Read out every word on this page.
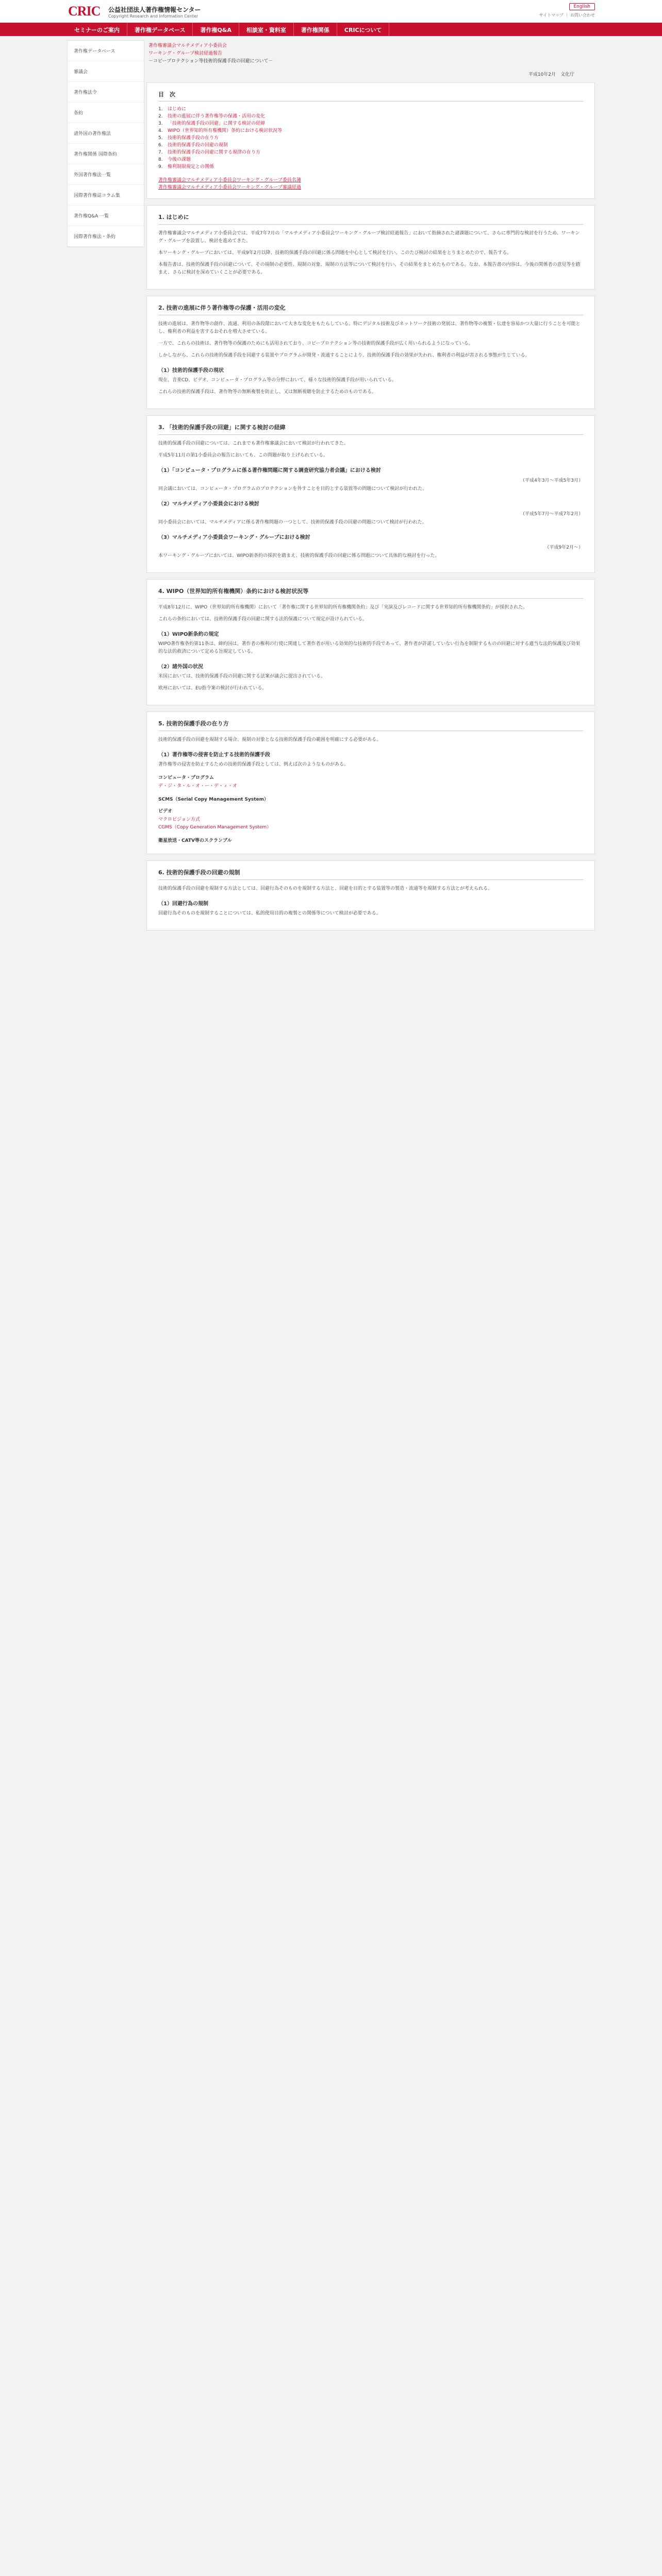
CRIC 公益社団法人著作権情報センター
Copyright Research and Information Center
English
サイトマップ ｜ お問い合わせ
セミナーのご案内	著作権データベース	著作権Q&A	相談室・資料室	著作権関係	CRICについて
著作権データベース
審議会
著作権法令
条約
諸外国の著作権法
著作権関係 国際条約
外国著作権法一覧
国際著作権誌コラム集
著作権Q&A 一覧
国際著作権法・条約
著作権審議会マルチメディア小委員会
ワーキング・グループ検討経過報告
－コピープロテクション等技術的保護手段の回避について－
平成10年2月　文化庁
目　次
1. はじめに
2. 技術の進展に伴う著作権等の保護・活用の変化
3. 「技術的保護手段の回避」に関する検討の経緯
4. WIPO（世界知的所有権機関）条約における検討状況等
5. 技術的保護手段の在り方
6. 技術的保護手段の回避の規制
7. 技術的保護手段の回避に関する規律の在り方
8. 今後の課題
9. 権利制限規定との関係
著作権審議会マルチメディア小委員会ワーキング・グループ委員名簿
著作権審議会マルチメディア小委員会ワーキング・グループ審議経過
1. はじめに

著作権審議会マルチメディア小委員会では、平成7年7月の「マルチメディア小委員会ワーキング・グループ検討経過報告」において指摘された諸課題について、さらに専門的な検討を行うため、ワーキング・グループを設置し、検討を進めてきた。

本ワーキング・グループにおいては、平成9年2月以降、技術的保護手段の回避に係る問題を中心として検討を行い、このたび検討の結果をとりまとめたので、報告する。

本報告書は、技術的保護手段の回避について、その規制の必要性、規制の対象、規制の方法等について検討を行い、その結果をまとめたものである。なお、本報告書の内容は、今後の関係者の意見等を踏まえ、さらに検討を深めていくことが必要である。

2. 技術の進展に伴う著作権等の保護・活用の変化

技術の進展は、著作物等の創作、流通、利用の各段階において大きな変化をもたらしている。特にデジタル技術及びネットワーク技術の発展は、著作物等の複製・伝達を容易かつ大量に行うことを可能とし、権利者の利益を害するおそれを増大させている。

一方で、これらの技術は、著作物等の保護のためにも活用されており、コピープロテクション等の技術的保護手段が広く用いられるようになっている。

しかしながら、これらの技術的保護手段を回避する装置やプログラムが開発・流通することにより、技術的保護手段の効果が失われ、権利者の利益が害される事態が生じている。

（1）技術的保護手段の現状

現在、音楽CD、ビデオ、コンピュータ・プログラム等の分野において、様々な技術的保護手段が用いられている。

これらの技術的保護手段は、著作物等の無断複製を防止し、又は無断視聴を防止するためのものである。

3. 「技術的保護手段の回避」に関する検討の経緯

技術的保護手段の回避については、これまでも著作権審議会において検討が行われてきた。

平成5年11月の第1小委員会の報告においても、この問題が取り上げられている。

（1）「コンピュータ・プログラムに係る著作権問題に関する調査研究協力者会議」における検討
（平成4年3月～平成5年3月）

同会議においては、コンピュータ・プログラムのプロテクションを外すことを目的とする装置等の問題について検討が行われた。

（2）マルチメディア小委員会における検討
（平成5年7月～平成7年2月）

同小委員会においては、マルチメディアに係る著作権問題の一つとして、技術的保護手段の回避の問題について検討が行われた。

（3）マルチメディア小委員会ワーキング・グループにおける検討
（平成9年2月～）

本ワーキング・グループにおいては、WIPO新条約の採択を踏まえ、技術的保護手段の回避に係る問題について具体的な検討を行った。

4. WIPO（世界知的所有権機関）条約における検討状況等

平成8年12月に、WIPO（世界知的所有権機関）において「著作権に関する世界知的所有権機関条約」及び「実演及びレコードに関する世界知的所有権機関条約」が採択された。

これらの条約においては、技術的保護手段の回避に関する法的保護について規定が設けられている。

（1）WIPO新条約の規定

WIPO著作権条約第11条は、締約国は、著作者の権利の行使に関連して著作者が用いる効果的な技術的手段であって、著作者が許諾していない行為を制限するものの回避に対する適当な法的保護及び効果的な法的救済について定める旨規定している。

（2）諸外国の状況

米国においては、技術的保護手段の回避に関する法案が議会に提出されている。

欧州においては、EU指令案の検討が行われている。

5. 技術的保護手段の在り方

技術的保護手段の回避を規制する場合、規制の対象となる技術的保護手段の範囲を明確にする必要がある。

（1）著作権等の侵害を防止する技術的保護手段

著作権等の侵害を防止するための技術的保護手段としては、例えば次のようなものがある。

コンピュータ・プログラム
デ・ジ・タ・ル・オ・ー・デ・ィ・オ
SCMS（Serial Copy Management System）
ビデオ
マクロビジョン方式
CGMS（Copy Generation Management System）
衛星放送・CATV等のスクランブル
6. 技術的保護手段の回避の規制

技術的保護手段の回避を規制する方法としては、回避行為そのものを規制する方法と、回避を目的とする装置等の製造・流通等を規制する方法とが考えられる。

（1）回避行為の規制

回避行為そのものを規制することについては、私的使用目的の複製との関係等について検討が必要である。
